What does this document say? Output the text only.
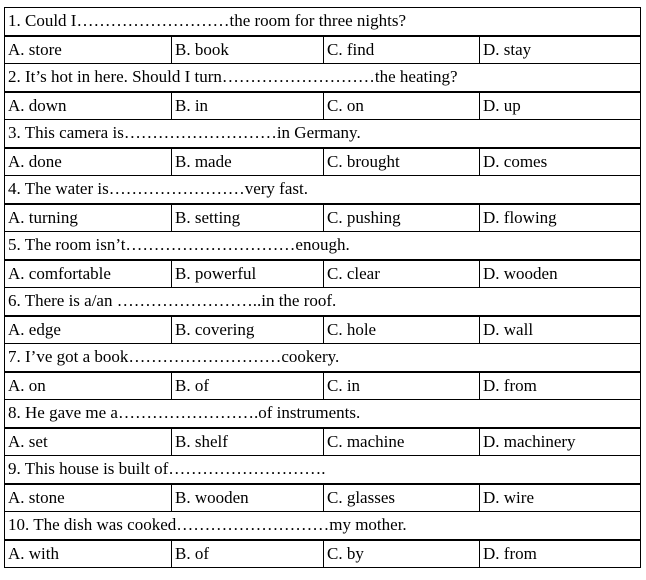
1. Could I………………………the room for three nights?			
A. store	B. book	C. find	D. stay
2. It’s hot in here. Should I turn………………………the heating?			
A. down	B. in	C. on	D. up
3. This camera is………………………in Germany.			
A. done	B. made	C. brought	D. comes
4. The water is……………………very fast.			
A. turning	B. setting	C. pushing	D. flowing
5. The room isn’t…………………………enough.			
A. comfortable	B. powerful	C. clear	D. wooden
6. There is a/an ……………………..in the roof.			
A. edge	B. covering	C. hole	D. wall
7. I’ve got a book………………………cookery.			
A. on	B. of	C. in	D. from
8. He gave me a…………………….of instruments.			
A. set	B. shelf	C. machine	D. machinery
9. This house is built of……………………….			
A. stone	B. wooden	C. glasses	D. wire
10. The dish was cooked………………………my mother.			
A. with	B. of	C. by	D. from
